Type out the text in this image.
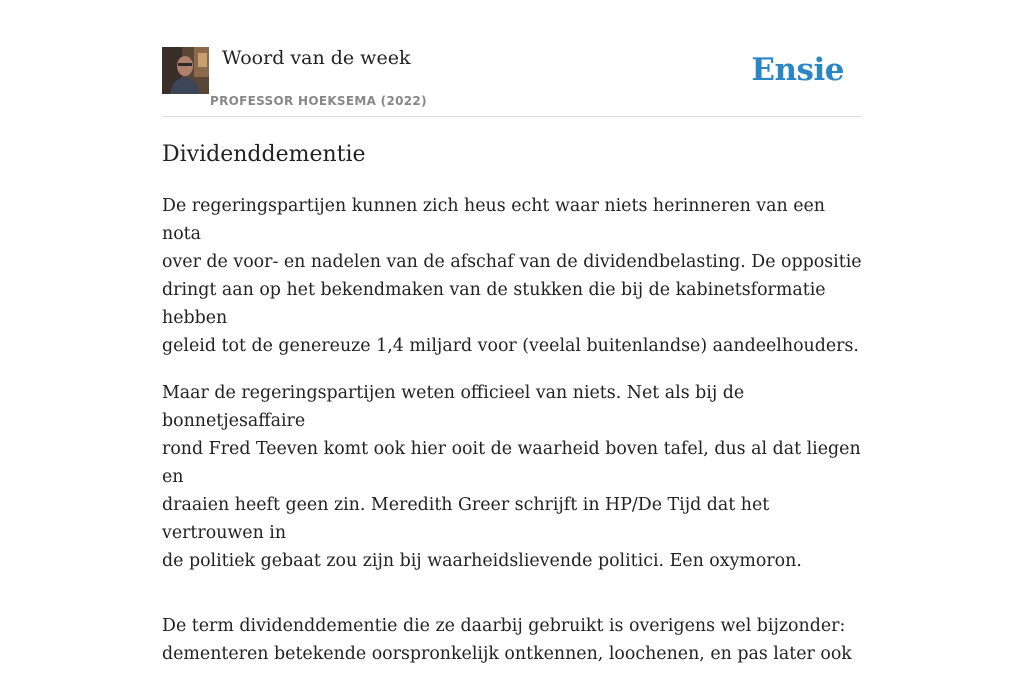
Woord van de week
PROFESSOR HOEKSEMA (2022)
Ensie
Dividenddementie

De regeringspartijen kunnen zich heus echt waar niets herinneren van een nota
over de voor- en nadelen van de afschaf van de dividendbelasting. De oppositie
dringt aan op het bekendmaken van de stukken die bij de kabinetsformatie hebben
geleid tot de genereuze 1,4 miljard voor (veelal buitenlandse) aandeelhouders.

Maar de regeringspartijen weten officieel van niets. Net als bij de bonnetjesaffaire
rond Fred Teeven komt ook hier ooit de waarheid boven tafel, dus al dat liegen en
draaien heeft geen zin. Meredith Greer schrijft in HP/De Tijd dat het vertrouwen in
de politiek gebaat zou zijn bij waarheidslievende politici. Een oxymoron.

De term dividenddementie die ze daarbij gebruikt is overigens wel bijzonder:
dementeren betekende oorspronkelijk ontkennen, loochenen, en pas later ook
